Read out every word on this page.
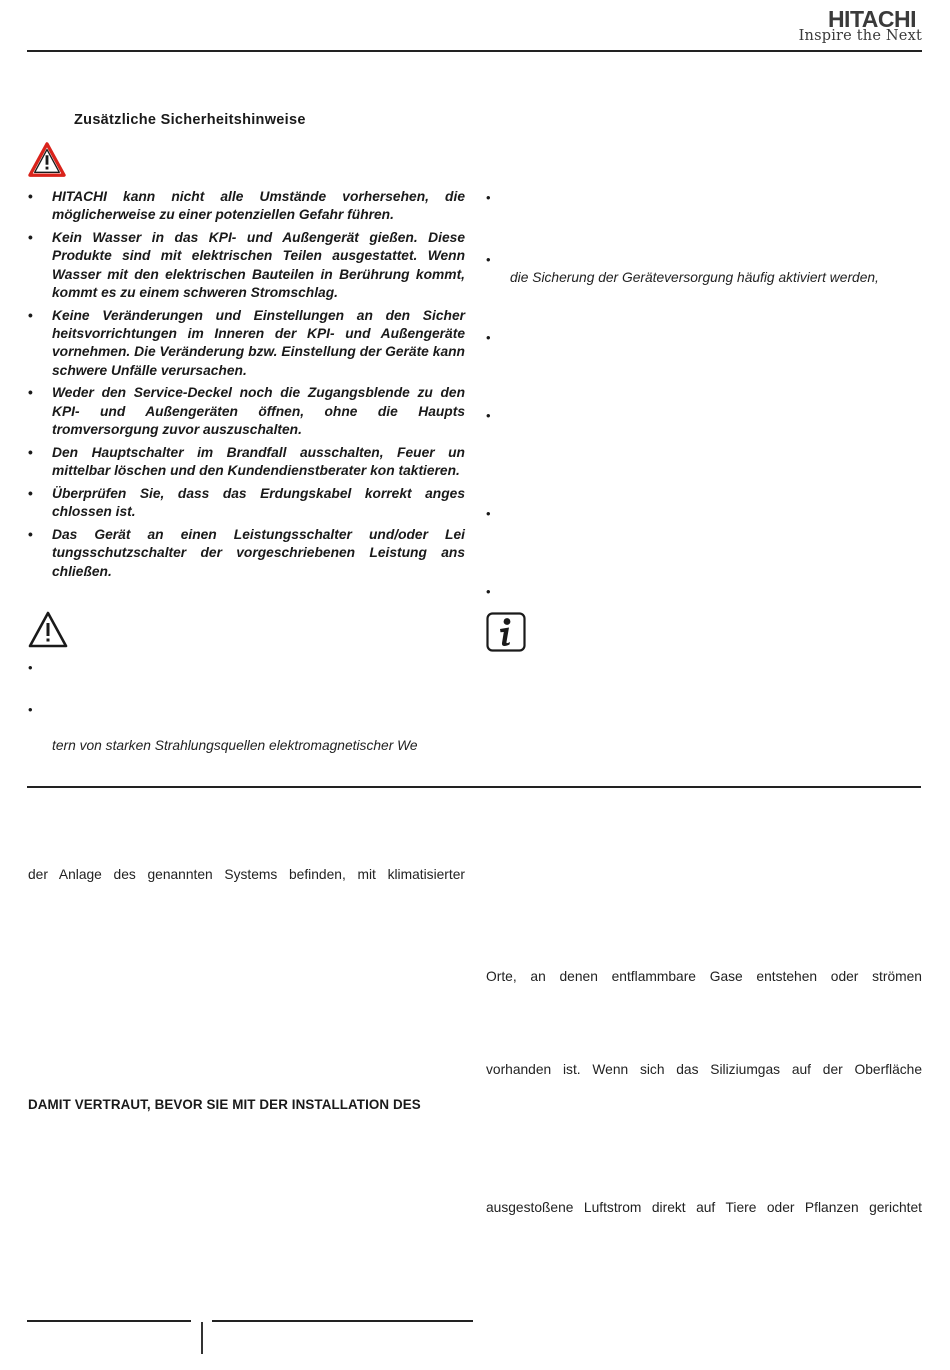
HITACHI
Inspire the Next
Zusätzliche Sicherheitshinweise
• HITACHI kann nicht alle Umstände vorhersehen, die möglicherweise zu einer potenziellen Gefahr führen.
• Kein Wasser in das KPI- und Außengerät gießen. Diese Produkte sind mit elektrischen Teilen ausgestattet. Wenn Wasser mit den elektrischen Bauteilen in Berührung kommt, kommt es zu einem schweren Stromschlag.
• Keine Veränderungen und Einstellungen an den Sicher heitsvorrichtungen im Inneren der KPI- und Außengeräte vornehmen. Die Veränderung bzw. Einstellung der Geräte kann schwere Unfälle verursachen.
• Weder den Service-Deckel noch die Zugangsblende zu den KPI- und Außengeräten öffnen, ohne die Haupts tromversorgung zuvor auszuschalten.
• Den Hauptschalter im Brandfall ausschalten, Feuer un mittelbar löschen und den Kundendienstberater kon taktieren.
• Überprüfen Sie, dass das Erdungskabel korrekt anges chlossen ist.
• Das Gerät an einen Leistungsschalter und/oder Lei tungsschutzschalter der vorgeschriebenen Leistung ans chließen.
•
•
tern von starken Strahlungsquellen elektromagnetischer We
•
•
die Sicherung der Geräteversorgung häufig aktiviert werden,
•
•
•
•
der Anlage des genannten Systems befinden, mit klimatisierter
DAMIT VERTRAUT, BEVOR SIE MIT DER INSTALLATION DES
Orte, an denen entflammbare Gase entstehen oder strömen
vorhanden ist. Wenn sich das Siliziumgas auf der Oberfläche
ausgestoßene Luftstrom direkt auf Tiere oder Pflanzen gerichtet
